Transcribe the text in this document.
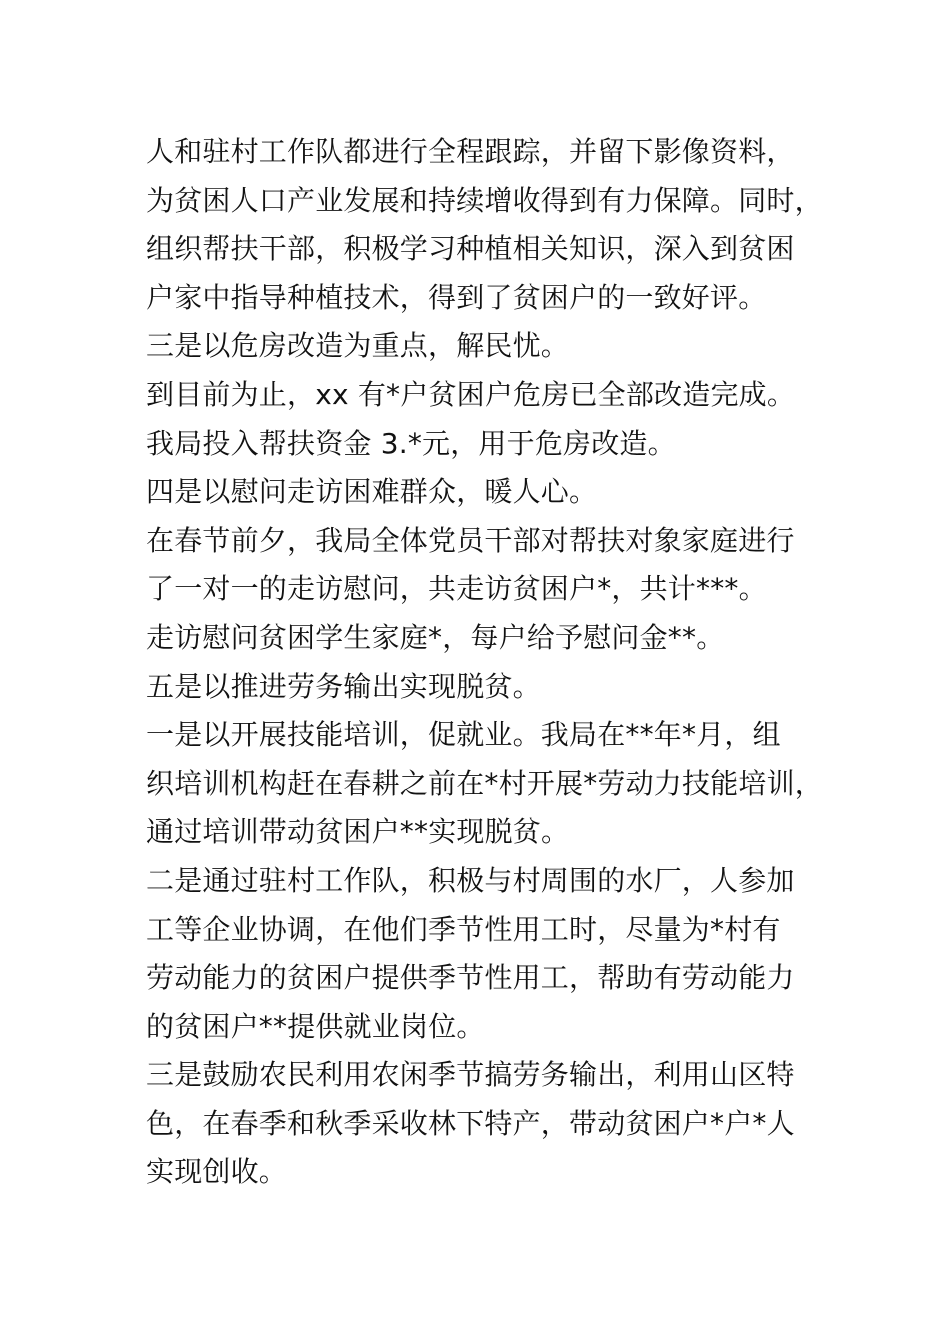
人和驻村工作队都进行全程跟踪，并留下影像资料，
为贫困人口产业发展和持续增收得到有力保障。同时，
组织帮扶干部，积极学习种植相关知识，深入到贫困
户家中指导种植技术，得到了贫困户的一致好评。
三是以危房改造为重点，解民忧。
到目前为止，xx 有*户贫困户危房已全部改造完成。
我局投入帮扶资金 3.*元，用于危房改造。
四是以慰问走访困难群众，暖人心。
在春节前夕，我局全体党员干部对帮扶对象家庭进行
了一对一的走访慰问，共走访贫困户*，共计***。
走访慰问贫困学生家庭*，每户给予慰问金**。
五是以推进劳务输出实现脱贫。
一是以开展技能培训，促就业。我局在**年*月，组
织培训机构赶在春耕之前在*村开展*劳动力技能培训，
通过培训带动贫困户**实现脱贫。
二是通过驻村工作队，积极与村周围的水厂，人参加
工等企业协调，在他们季节性用工时，尽量为*村有
劳动能力的贫困户提供季节性用工，帮助有劳动能力
的贫困户**提供就业岗位。
三是鼓励农民利用农闲季节搞劳务输出，利用山区特
色，在春季和秋季采收林下特产，带动贫困户*户*人
实现创收。
